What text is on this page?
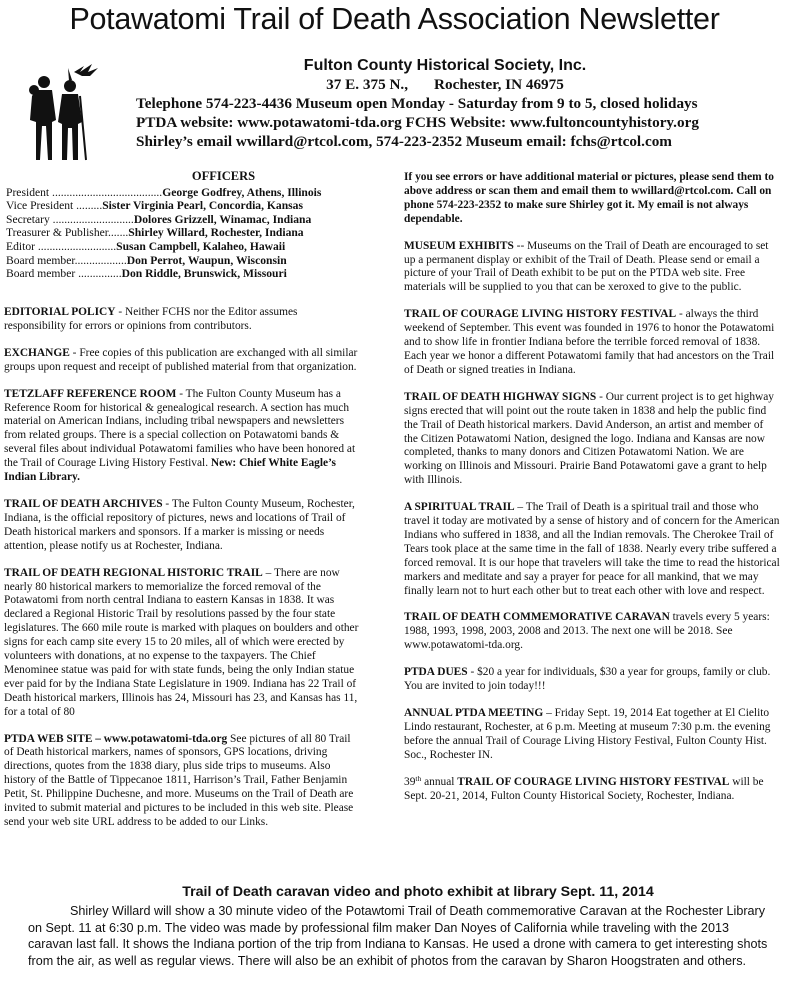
Potawatomi Trail of Death Association Newsletter
Fulton County Historical Society, Inc.
37 E. 375 N., Rochester, IN 46975
Telephone 574-223-4436 Museum open Monday - Saturday from 9 to 5, closed holidays
PTDA website: www.potawatomi-tda.org FCHS Website: www.fultoncountyhistory.org
Shirley’s email wwillard@rtcol.com, 574-223-2352 Museum email: fchs@rtcol.com
OFFICERS
President ......................................George Godfrey, Athens, Illinois
Vice President .........Sister Virginia Pearl, Concordia, Kansas
Secretary ............................Dolores Grizzell, Winamac, Indiana
Treasurer & Publisher.......Shirley Willard, Rochester, Indiana
Editor ...........................Susan Campbell, Kalaheo, Hawaii
Board member..................Don Perrot, Waupun, Wisconsin
Board member ...............Don Riddle, Brunswick, Missouri

EDITORIAL POLICY - Neither FCHS nor the Editor assumes responsibility for errors or opinions from contributors.

EXCHANGE - Free copies of this publication are exchanged with all similar groups upon request and receipt of published material from that organization.

TETZLAFF REFERENCE ROOM - The Fulton County Museum has a Reference Room for historical & genealogical research. A section has much material on American Indians, including tribal newspapers and newsletters from related groups. There is a special collection on Potawatomi bands & several files about individual Potawatomi families who have been honored at the Trail of Courage Living History Festival. New: Chief White Eagle’s Indian Library.

TRAIL OF DEATH ARCHIVES - The Fulton County Museum, Rochester, Indiana, is the official repository of pictures, news and locations of Trail of Death historical markers and sponsors. If a marker is missing or needs attention, please notify us at Rochester, Indiana.

TRAIL OF DEATH REGIONAL HISTORIC TRAIL – There are now nearly 80 historical markers to memorialize the forced removal of the Potawatomi from north central Indiana to eastern Kansas in 1838. It was declared a Regional Historic Trail by resolutions passed by the four state legislatures. The 660 mile route is marked with plaques on boulders and other signs for each camp site every 15 to 20 miles, all of which were erected by volunteers with donations, at no expense to the taxpayers. The Chief Menominee statue was paid for with state funds, being the only Indian statue ever paid for by the Indiana State Legislature in 1909. Indiana has 22 Trail of Death historical markers, Illinois has 24, Missouri has 23, and Kansas has 11, for a total of 80

PTDA WEB SITE – www.potawatomi-tda.org See pictures of all 80 Trail of Death historical markers, names of sponsors, GPS locations, driving directions, quotes from the 1838 diary, plus side trips to museums. Also history of the Battle of Tippecanoe 1811, Harrison’s Trail, Father Benjamin Petit, St. Philippine Duchesne, and more. Museums on the Trail of Death are invited to submit material and pictures to be included in this web site. Please send your web site URL address to be added to our Links.

If you see errors or have additional material or pictures, please send them to above address or scan them and email them to wwillard@rtcol.com. Call on phone 574-223-2352 to make sure Shirley got it. My email is not always dependable.

MUSEUM EXHIBITS -- Museums on the Trail of Death are encouraged to set up a permanent display or exhibit of the Trail of Death. Please send or email a picture of your Trail of Death exhibit to be put on the PTDA web site. Free materials will be supplied to you that can be xeroxed to give to the public.

TRAIL OF COURAGE LIVING HISTORY FESTIVAL - always the third weekend of September. This event was founded in 1976 to honor the Potawatomi and to show life in frontier Indiana before the terrible forced removal of 1838. Each year we honor a different Potawatomi family that had ancestors on the Trail of Death or signed treaties in Indiana.

TRAIL OF DEATH HIGHWAY SIGNS - Our current project is to get highway signs erected that will point out the route taken in 1838 and help the public find the Trail of Death historical markers. David Anderson, an artist and member of the Citizen Potawatomi Nation, designed the logo. Indiana and Kansas are now completed, thanks to many donors and Citizen Potawatomi Nation. We are working on Illinois and Missouri. Prairie Band Potawatomi gave a grant to help with Illinois.

A SPIRITUAL TRAIL – The Trail of Death is a spiritual trail and those who travel it today are motivated by a sense of history and of concern for the American Indians who suffered in 1838, and all the Indian removals. The Cherokee Trail of Tears took place at the same time in the fall of 1838. Nearly every tribe suffered a forced removal. It is our hope that travelers will take the time to read the historical markers and meditate and say a prayer for peace for all mankind, that we may finally learn not to hurt each other but to treat each other with love and respect.

TRAIL OF DEATH COMMEMORATIVE CARAVAN travels every 5 years: 1988, 1993, 1998, 2003, 2008 and 2013. The next one will be 2018. See www.potawatomi-tda.org.

PTDA DUES - $20 a year for individuals, $30 a year for groups, family or club. You are invited to join today!!!

ANNUAL PTDA MEETING – Friday Sept. 19, 2014 Eat together at El Cielito Lindo restaurant, Rochester, at 6 p.m. Meeting at museum 7:30 p.m. the evening before the annual Trail of Courage Living History Festival, Fulton County Hist. Soc., Rochester IN.

39th annual TRAIL OF COURAGE LIVING HISTORY FESTIVAL will be Sept. 20-21, 2014, Fulton County Historical Society, Rochester, Indiana.

Trail of Death caravan video and photo exhibit at library Sept. 11, 2014

Shirley Willard will show a 30 minute video of the Potawtomi Trail of Death commemorative Caravan at the Rochester Library on Sept. 11 at 6:30 p.m. The video was made by professional film maker Dan Noyes of California while traveling with the 2013 caravan last fall. It shows the Indiana portion of the trip from Indiana to Kansas. He used a drone with camera to get interesting shots from the air, as well as regular views. There will also be an exhibit of photos from the caravan by Sharon Hoogstraten and others.
